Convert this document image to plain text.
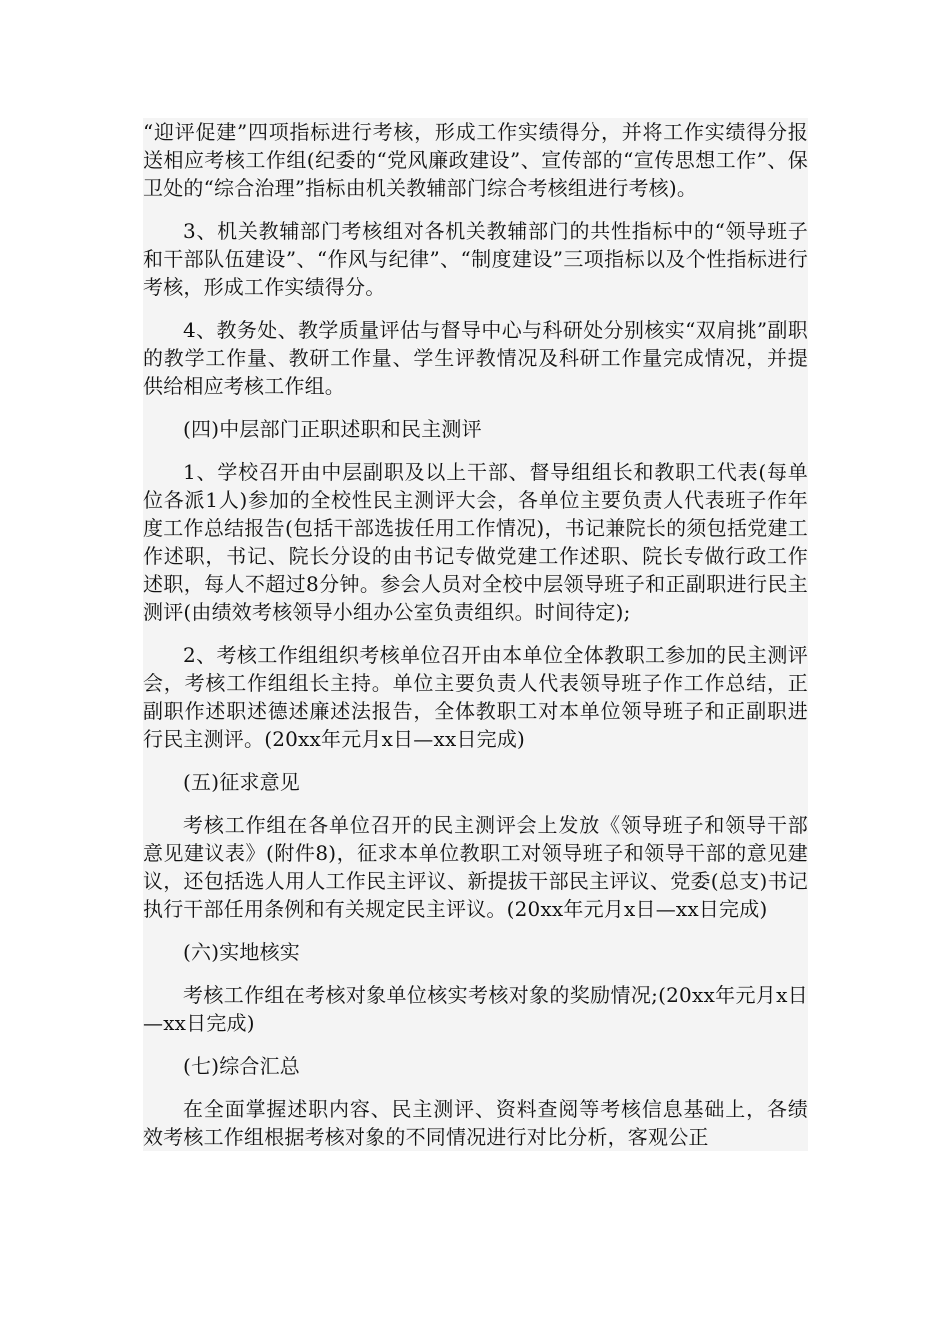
“迎评促建”四项指标进行考核，形成工作实绩得分，并将工作实绩得分报送相应考核工作组(纪委的“党风廉政建设”、宣传部的“宣传思想工作”、保卫处的“综合治理”指标由机关教辅部门综合考核组进行考核)。

3、机关教辅部门考核组对各机关教辅部门的共性指标中的“领导班子和干部队伍建设”、“作风与纪律”、“制度建设”三项指标以及个性指标进行考核，形成工作实绩得分。

4、教务处、教学质量评估与督导中心与科研处分别核实“双肩挑”副职的教学工作量、教研工作量、学生评教情况及科研工作量完成情况，并提供给相应考核工作组。

(四)中层部门正职述职和民主测评

1、学校召开由中层副职及以上干部、督导组组长和教职工代表(每单位各派1人)参加的全校性民主测评大会，各单位主要负责人代表班子作年度工作总结报告(包括干部选拔任用工作情况)，书记兼院长的须包括党建工作述职，书记、院长分设的由书记专做党建工作述职、院长专做行政工作述职，每人不超过8分钟。参会人员对全校中层领导班子和正副职进行民主测评(由绩效考核领导小组办公室负责组织。时间待定);

2、考核工作组组织考核单位召开由本单位全体教职工参加的民主测评会，考核工作组组长主持。单位主要负责人代表领导班子作工作总结，正副职作述职述德述廉述法报告，全体教职工对本单位领导班子和正副职进行民主测评。(20xx年元月x日—xx日完成)

(五)征求意见

考核工作组在各单位召开的民主测评会上发放《领导班子和领导干部意见建议表》(附件8)，征求本单位教职工对领导班子和领导干部的意见建议，还包括选人用人工作民主评议、新提拔干部民主评议、党委(总支)书记执行干部任用条例和有关规定民主评议。(20xx年元月x日—xx日完成)

(六)实地核实

考核工作组在考核对象单位核实考核对象的奖励情况;(20xx年元月x日—xx日完成)

(七)综合汇总

在全面掌握述职内容、民主测评、资料查阅等考核信息基础上，各绩效考核工作组根据考核对象的不同情况进行对比分析，客观公正
